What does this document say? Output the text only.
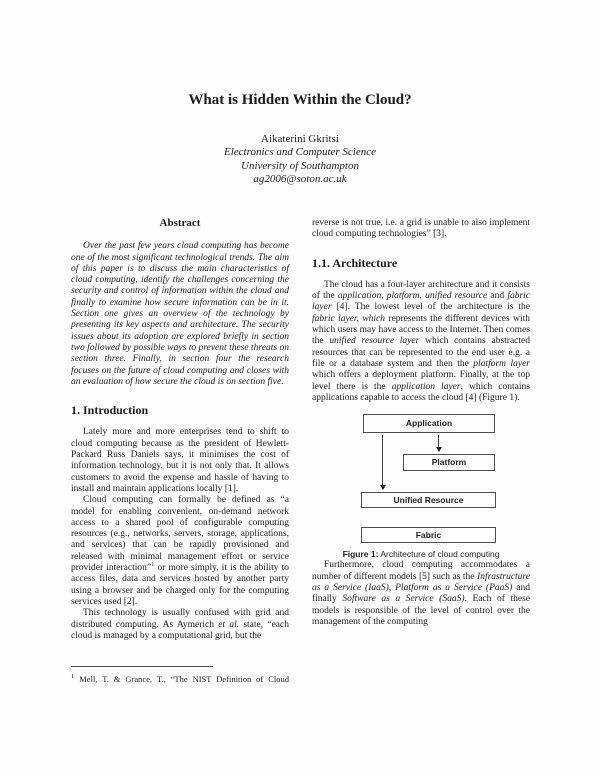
What is Hidden Within the Cloud?
Aikaterini Gkritsi
Electronics and Computer Science
University of Southampton
ag2006@soton.ac.uk
Abstract

Over the past few years cloud computing has become one of the most significant technological trends. The aim of this paper is to discuss the main characteristics of cloud computing, identify the challenges concerning the security and control of information within the cloud and finally to examine how secure information can be in it. Section one gives an overview of the technology by presenting its key aspects and architecture. The security issues about its adoption are explored briefly in section two followed by possible ways to prevent these threats on section three. Finally, in section four the research focuses on the future of cloud computing and closes with an evaluation of how secure the cloud is on section five.

1. Introduction

Lately more and more enterprises tend to shift to cloud computing because as the president of Hewlett-Packard Russ Daniels says, it minimises the cost of information technology, but it is not only that. It allows customers to avoid the expense and hassle of having to install and maintain applications locally [1].

Cloud computing can formally be defined as “a model for enabling convenient, on-demand network access to a shared pool of configurable computing resources (e.g., networks, servers, storage, applications, and services) that can be rapidly provisioned and released with minimal management effort or service provider interaction”$^1$ or more simply, it is the ability to access files, data and services hosted by another party using a browser and be charged only for the computing services used [2].

This technology is usually confused with grid and distributed computing. As Aymerich et al. state, “each cloud is managed by a computational grid, but the

$^1$ Mell, T. & Grance, T., “The NIST Definition of Cloud

reverse is not true, i.e. a grid is unable to also implement cloud computing technologies” [3].

1.1. Architecture

The cloud has a four-layer architecture and it consists of the application, platform, unified resource and fabric layer [4]. The lowest level of the architecture is the fabric layer, which represents the different devices with which users may have access to the Internet. Then comes the unified resource layer which contains abstracted resources that can be represented to the end user e.g. a file or a database system and then the platform layer which offers a deployment platform. Finally, at the top level there is the application layer, which contains applications capable to access the cloud [4] (Figure 1).

Application
Platform
Unified Resource
Fabric
Figure 1: Architecture of cloud computing

Furthermore, cloud computing accommodates a number of different models [5] such as the Infrastructure as a Service (IaaS), Platform as a Service (PaaS) and finally Software as a Service (SaaS). Each of these models is responsible of the level of control over the management of the computing
